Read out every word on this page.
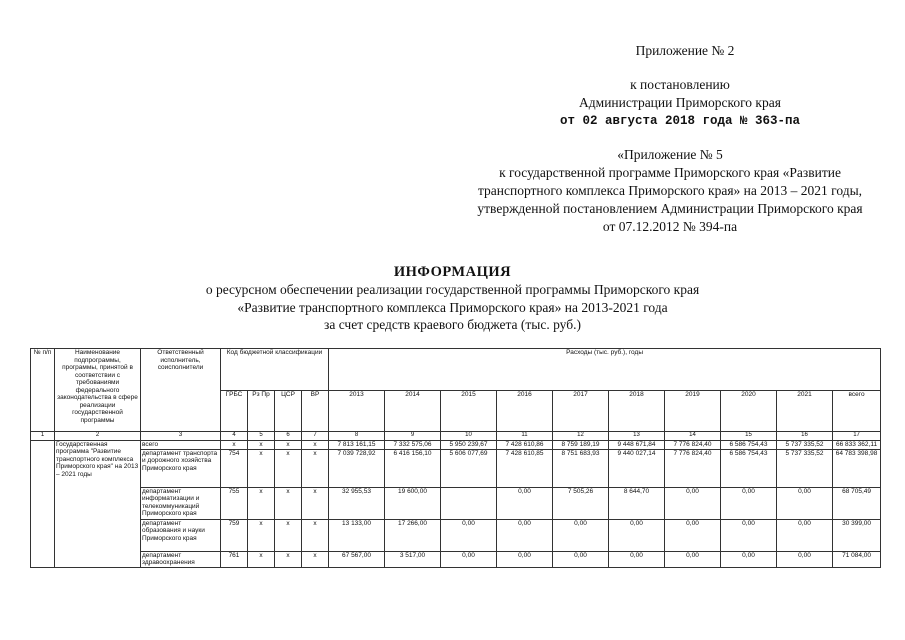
Приложение № 2
к постановлению
Администрации Приморского края
от 02 августа 2018 года № 363-па
«Приложение № 5
к государственной программе Приморского края «Развитие
транспортного комплекса Приморского края» на 2013 – 2021 годы,
утвержденной постановлением Администрации Приморского края
от 07.12.2012 № 394-па
ИНФОРМАЦИЯ
о ресурсном обеспечении реализации государственной программы Приморского края
«Развитие транспортного комплекса Приморского края» на 2013-2021 года
за счет средств краевого бюджета (тыс. руб.)
№ п/п	Наименование подпрограммы, программы, принятой в соответствии с требованиями федерального законодательства в сфере реализации государственной программы	Ответственный исполнитель, соисполнители	Код бюджетной классификации				Расходы (тыс. руб.), годы									
			ГРБС	Рз Пр	ЦСР	ВР	2013	2014	2015	2016	2017	2018	2019	2020	2021	всего
1	2	3	4	5	6	7	8	9	10	11	12	13	14	15	16	17
	Государственная программа "Развитие транспортного комплекса Приморского края" на 2013 – 2021 годы	всего	х	х	х	х	7 813 161,15	7 332 575,06	5 950 239,67	7 428 610,86	8 759 189,19	9 448 671,84	7 776 824,40	6 586 754,43	5 737 335,52	66 833 362,11
		департамент транспорта и дорожного хозяйства Приморского края	754	х	х	х	7 039 728,92	6 416 156,10	5 606 077,69	7 428 610,85	8 751 683,93	9 440 027,14	7 776 824,40	6 586 754,43	5 737 335,52	64 783 398,98
		департамент информатизации и телекоммуникаций Приморского края	755	х	х	х	32 955,53	19 600,00		0,00	7 505,26	8 644,70	0,00	0,00	0,00	68 705,49
		департамент образования и науки Приморского края	759	х	х	х	13 133,00	17 266,00	0,00	0,00	0,00	0,00	0,00	0,00	0,00	30 399,00
		департамент здравоохранения	761	х	х	х	67 567,00	3 517,00	0,00	0,00	0,00	0,00	0,00	0,00	0,00	71 084,00
